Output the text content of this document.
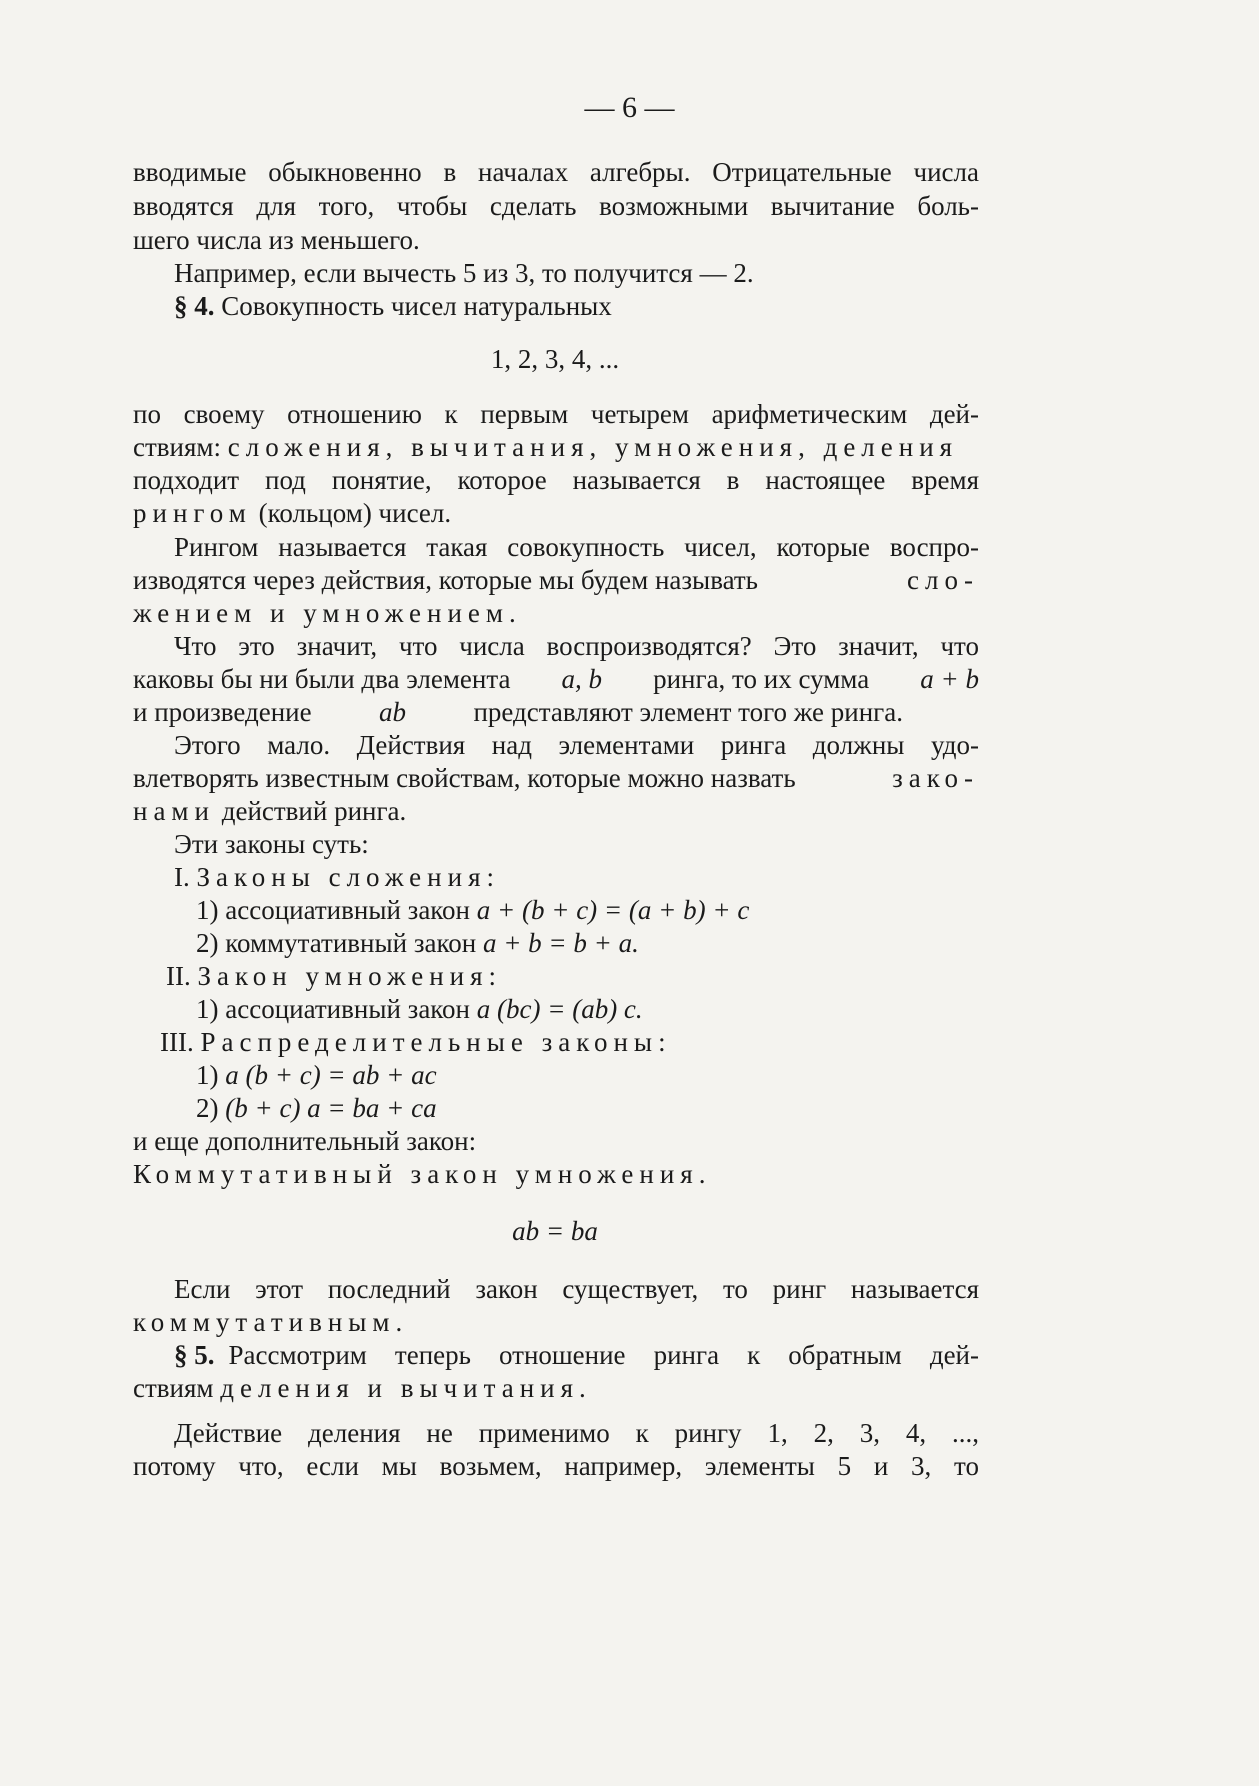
— 6 —
вводимые обыкновенно в началах алгебры. Отрицательные числа
вводятся для того, чтобы сделать возможными вычитание боль-
шего числа из меньшего.
Например, если вычесть 5 из 3, то получится — 2.
§ 4. Совокупность чисел натуральных
1, 2, 3, 4, ...
по своему отношению к первым четырем арифметическим дей-
ствиям: сложения, вычитания, умножения, деления
подходит под понятие, которое называется в настоящее время
рингом (кольцом) чисел.
Рингом называется такая совокупность чисел, которые воспро-
изводятся через действия, которые мы будем называть	сло-
жением и умножением.
Что это значит, что числа воспроизводятся? Это значит, что
каковы бы ни были два элемента a, b ринга, то их сумма a + b
и произведение ab представляют элемент того же ринга.
Этого мало. Действия над элементами ринга должны удо-
влетворять известным свойствам, которые можно назвать	зако-
нами действий ринга.
Эти законы суть:
I. Законы сложения:
1) ассоциативный закон a + (b + c) = (a + b) + c
2) коммутативный закон a + b = b + a.
II. Закон умножения:
1) ассоциативный закон a (bc) = (ab) c.
III. Распределительные законы:
1) a (b + c) = ab + ac
2) (b + c) a = ba + ca
и еще дополнительный закон:
Коммутативный закон умножения.
ab = ba
Если этот последний закон существует, то ринг называется
коммутативным.
§ 5. Рассмотрим теперь отношение ринга к обратным дей-
ствиям деления и вычитания.
Действие деления не применимо к рингу 1, 2, 3, 4, ...,
потому что, если мы возьмем, например, элементы 5 и 3, то
